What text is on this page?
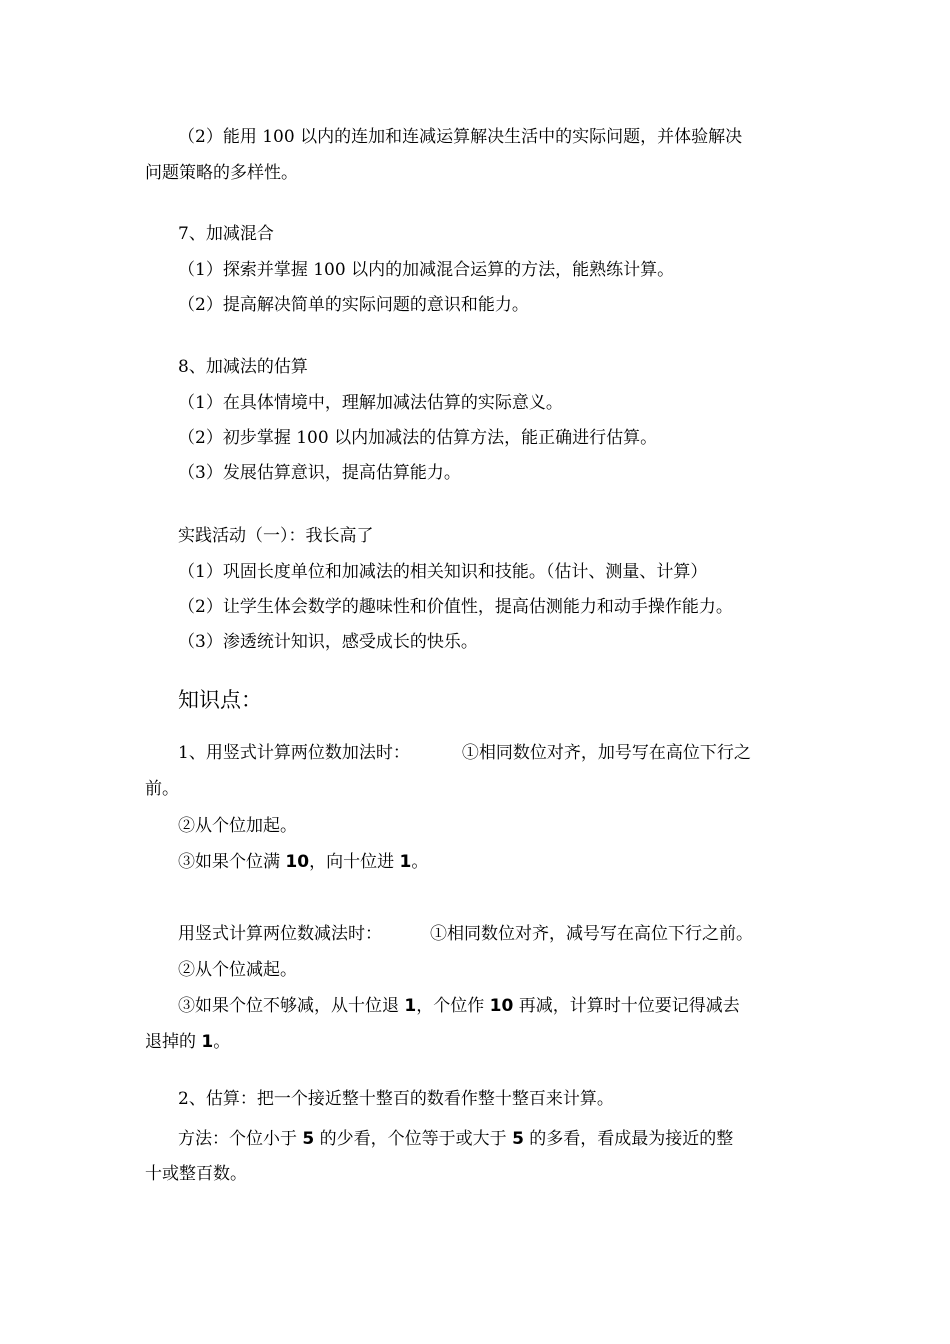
（2）能用 100 以内的连加和连减运算解决生活中的实际问题，并体验解决
问题策略的多样性。
7、加减混合
（1）探索并掌握 100 以内的加减混合运算的方法，能熟练计算。
（2）提高解决简单的实际问题的意识和能力。
8、加减法的估算
（1）在具体情境中，理解加减法估算的实际意义。
（2）初步掌握 100 以内加减法的估算方法，能正确进行估算。
（3）发展估算意识，提高估算能力。
实践活动（一）：我长高了
（1）巩固长度单位和加减法的相关知识和技能。（估计、测量、计算）
（2）让学生体会数学的趣味性和价值性，提高估测能力和动手操作能力。
（3）渗透统计知识，感受成长的快乐。
知识点：
1、用竖式计算两位数加法时：	①相同数位对齐，加号写在高位下行之
前。
②从个位加起。
③如果个位满 10，向十位进 1。
用竖式计算两位数减法时：	①相同数位对齐，减号写在高位下行之前。
②从个位减起。
③如果个位不够减，从十位退 1，个位作 10 再减，计算时十位要记得减去
退掉的 1。
2、估算：把一个接近整十整百的数看作整十整百来计算。
方法：个位小于 5 的少看，个位等于或大于 5 的多看，看成最为接近的整
十或整百数。
